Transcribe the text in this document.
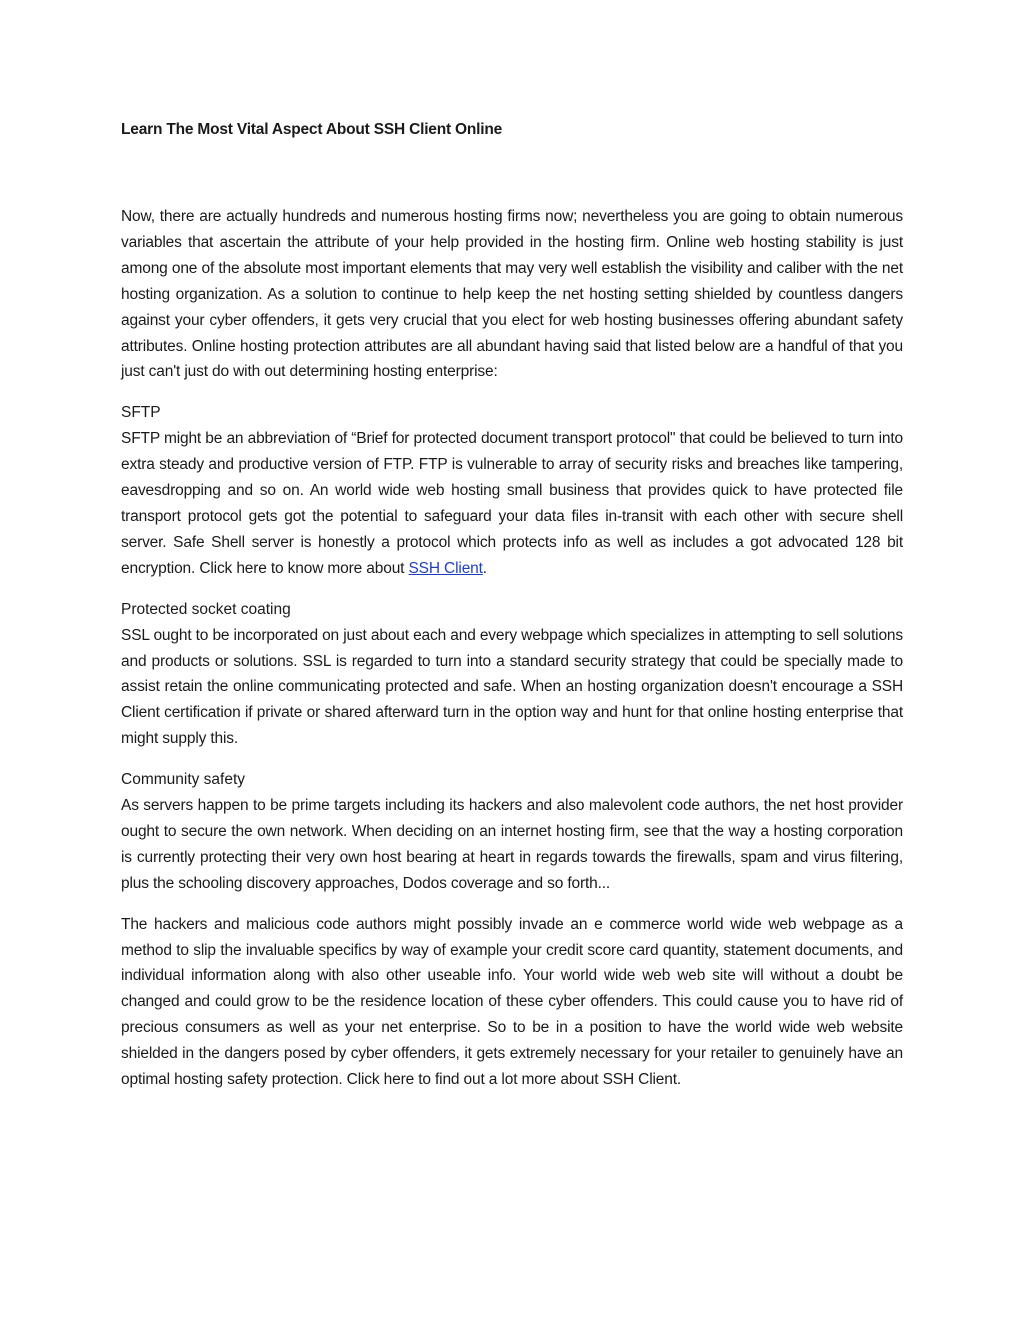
Learn The Most Vital Aspect About SSH Client Online

Now, there are actually hundreds and numerous hosting firms now; nevertheless you are going to obtain numerous variables that ascertain the attribute of your help provided in the hosting firm. Online web hosting stability is just among one of the absolute most important elements that may very well establish the visibility and caliber with the net hosting organization. As a solution to continue to help keep the net hosting setting shielded by countless dangers against your cyber offenders, it gets very crucial that you elect for web hosting businesses offering abundant safety attributes. Online hosting protection attributes are all abundant having said that listed below are a handful of that you just can't just do with out determining hosting enterprise:

SFTP

SFTP might be an abbreviation of “Brief for protected document transport protocol" that could be believed to turn into extra steady and productive version of FTP. FTP is vulnerable to array of security risks and breaches like tampering, eavesdropping and so on. An world wide web hosting small business that provides quick to have protected file transport protocol gets got the potential to safeguard your data files in-transit with each other with secure shell server. Safe Shell server is honestly a protocol which protects info as well as includes a got advocated 128 bit encryption. Click here to know more about SSH Client.

Protected socket coating

SSL ought to be incorporated on just about each and every webpage which specializes in attempting to sell solutions and products or solutions. SSL is regarded to turn into a standard security strategy that could be specially made to assist retain the online communicating protected and safe. When an hosting organization doesn't encourage a SSH Client certification if private or shared afterward turn in the option way and hunt for that online hosting enterprise that might supply this.

Community safety

As servers happen to be prime targets including its hackers and also malevolent code authors, the net host provider ought to secure the own network. When deciding on an internet hosting firm, see that the way a hosting corporation is currently protecting their very own host bearing at heart in regards towards the firewalls, spam and virus filtering, plus the schooling discovery approaches, Dodos coverage and so forth...

The hackers and malicious code authors might possibly invade an e commerce world wide web webpage as a method to slip the invaluable specifics by way of example your credit score card quantity, statement documents, and individual information along with also other useable info. Your world wide web web site will without a doubt be changed and could grow to be the residence location of these cyber offenders. This could cause you to have rid of precious consumers as well as your net enterprise. So to be in a position to have the world wide web website shielded in the dangers posed by cyber offenders, it gets extremely necessary for your retailer to genuinely have an optimal hosting safety protection. Click here to find out a lot more about SSH Client.
